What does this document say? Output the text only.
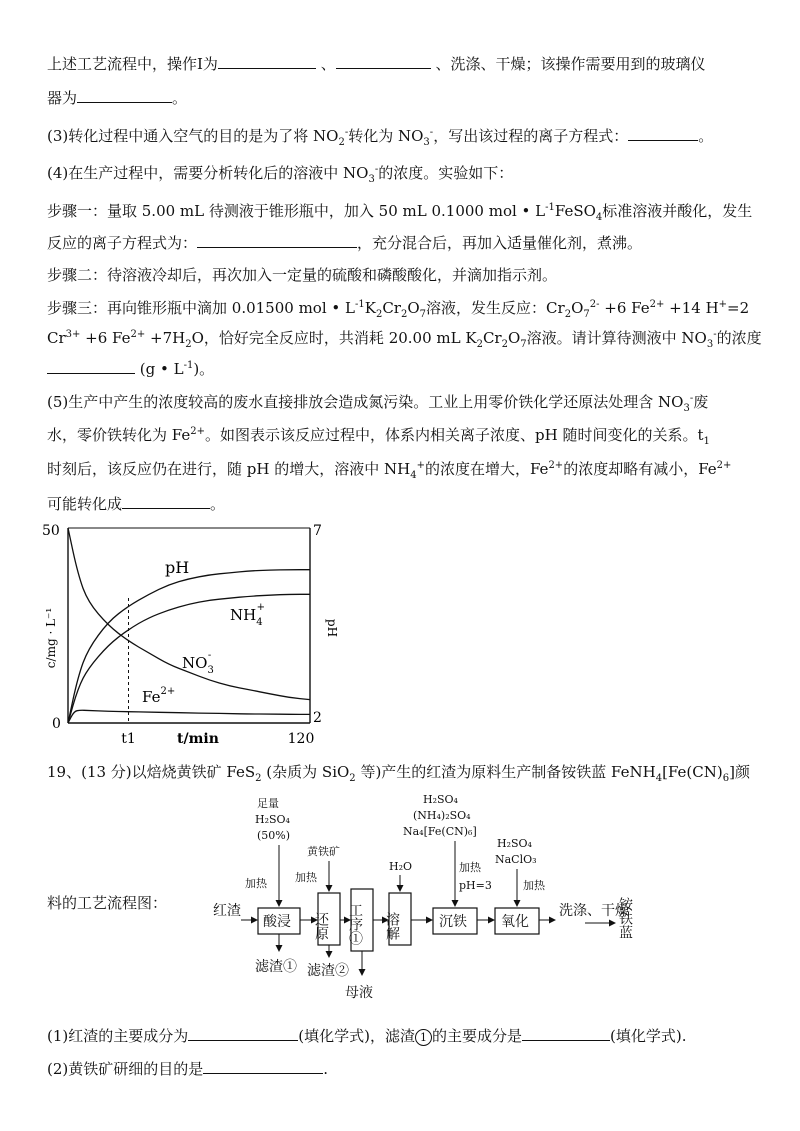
上述工艺流程中，操作I为	、	、洗涤、干燥；该操作需要用到的玻璃仪
器为	。
(3)转化过程中通入空气的目的是为了将 $NO_2^-$转化为 $NO_3^-$，写出该过程的离子方程式：	。
(4)在生产过程中，需要分析转化后的溶液中 $NO_3^-$的浓度。实验如下：
步骤一：量取 5.00 mL 待测液于锥形瓶中，加入 50 mL 0.1000 mol • $L^{-1}FeSO_4$标准溶液并酸化，发生
反应的离子方程式为：	，充分混合后，再加入适量催化剂，煮沸。
步骤二：待溶液冷却后，再次加入一定量的硫酸和磷酸酸化，并滴加指示剂。
步骤三：再向锥形瓶中滴加 0.01500 mol • $L^{-1}K_2Cr_2O_7$溶液，发生反应：$Cr_2O_7^{2-} +6$ $Fe^{2+} +14$ H+=2
$Cr^{3+} +6$ $Fe^{2+} +7H_2O$，恰好完全反应时，共消耗 20.00 mL $K_2Cr_2O_7$溶液。请计算待测液中 $NO_3^-$的浓度
(g • $L^{-1}$)。
(5)生产中产生的浓度较高的废水直接排放会造成氮污染。工业上用零价铁化学还原法处理含 $NO_3^-$废
水，零价铁转化为 $Fe^{2+}$。如图表示该反应过程中，体系内相关离子浓度、pH 随时间变化的关系。$t_1$
时刻后，该反应仍在进行，随 pH 的增大，溶液中 $NH_4^+$的浓度在增大，$Fe^{2+}$的浓度却略有减小，$Fe^{2+}$
可能转化成	。
50
0
7
2
c/mg · L⁻¹	pH
t1	t/min	120
pH
$NH_4+$
$NO_3-$
$Fe^{2+}$
19、(13 分)以焙烧黄铁矿 FeS$_2$ (杂质为 SiO$_2$ 等)产生的红渣为原料生产制备铵铁蓝 $FeNH_4[Fe(CN)_6]$颜
料的工艺流程图：	红渣
酸浸 还原 工序① 溶解	沉铁 氧化
洗涤、干燥
铵铁蓝
足量
H₂SO₄
(50%)
加热
黄铁矿
加热
H₂O
H₂SO₄
(NH₄)₂SO₄
Na₄[Fe(CN)₆]
加热
pH=3
H₂SO₄
NaClO₃
加热
滤渣① 滤渣②
母液
(1)红渣的主要成分为	(填化学式)，滤渣 1 的主要成分是	(填化学式).
(2)黄铁矿研细的目的是	.
